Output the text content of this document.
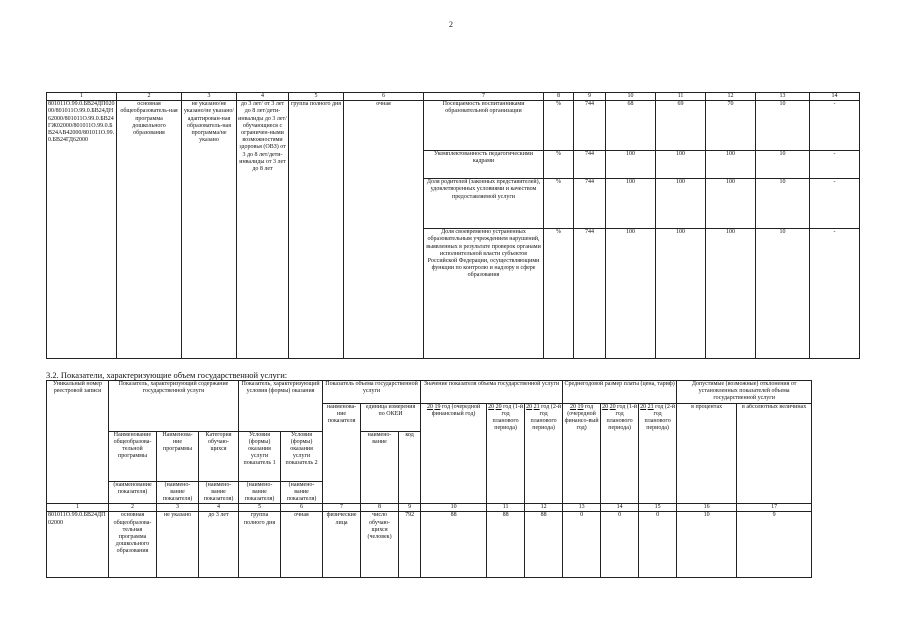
2
1	2	3	4	5	6	7	8	9	10	11	12	13	14
801011О.99.0.БВ24ДП02000/801011О.99.0.БВ24ДН62000/801011О.99.0.БВ24ГЖ02000/801011О.99.0.БВ24АВ42000/801011О.99.0.БВ24ГД62000	основная общеобразователь-ная программа дошкольного образования	не указано/не указано/не указано/ адаптирован-ная образователь-ная программа/не указано	до 3 лет/ от 3 лет до 8 лет/дети-инвалиды до 3 лет/ обучающиеся с ограничен-ными возможностями здоровья (ОВЗ) от 3 до 8 лет/дети-инвалиды от 3 лет до 8 лет	группа полного дня	очная	Посещаемость воспитанниками образовательной организации	%	744	68	69	70	10	-
						Укомплектованность педагогическими кадрами	%	744	100	100	100	10	-
						Доля родителей (законных представителей), удовлетворенных условиями и качеством предоставляемой услуги	%	744	100	100	100	10	-
						Доля своевременно устраненных образовательным учреждением нарушений, выявленных в результате проверок органами исполнительной власти субъектов Российской Федерации, осуществляющими функции по контролю и надзору в сфере образования	%	744	100	100	100	10	-
3.2. Показатели, характеризующие объем государственной услуги:
Уникальный номер реестровой записи	Показатель, характеризующий содержание государственной услуги			Показатель, характеризующий условия (формы) оказания		Показатель объема государственной услуги			Значение показателя объема государственной услуги			Среднегодовой размер платы (цена, тариф)			Допустимые (возможные) отклонения от установленных показателей объема государственной услуги	
						наименова-ние показателя	единица измерения по ОКЕИ		20 19 год (очередной финансовый год)	20 20 год (1-й год планового периода)	20 21 год (2-й год планового периода)	20 19 год (очередной финансо-вый год)	20 20 год (1-й год планового периода)	20 21 год (2-й год планового периода)	в процентах	в абсолютных величинах
	Наименование общеобразова-тельной программы	Наименова-ние программы	Категория обучаю-щихся	Условия (формы) оказания услуги показатель 1	Условия (формы) оказания услуги показатель 2		наимено-вание	код								
	(наименование показателя)	(наимено-вание показателя)	(наимено-вание показателя)	(наимено-вание показателя)	(наимено-вание показателя)											
1	2	3	4	5	6	7	8	9	10	11	12	13	14	15	16	17
801011О.99.0.БВ24ДП02000	основная общеобразова-тельная программа дошкольного образования	не указано	до 3 лет	группа полного дня	очная	физические лица	число обучаю-щихся (человек)	792	88	88	88	0	0	0	10	9
